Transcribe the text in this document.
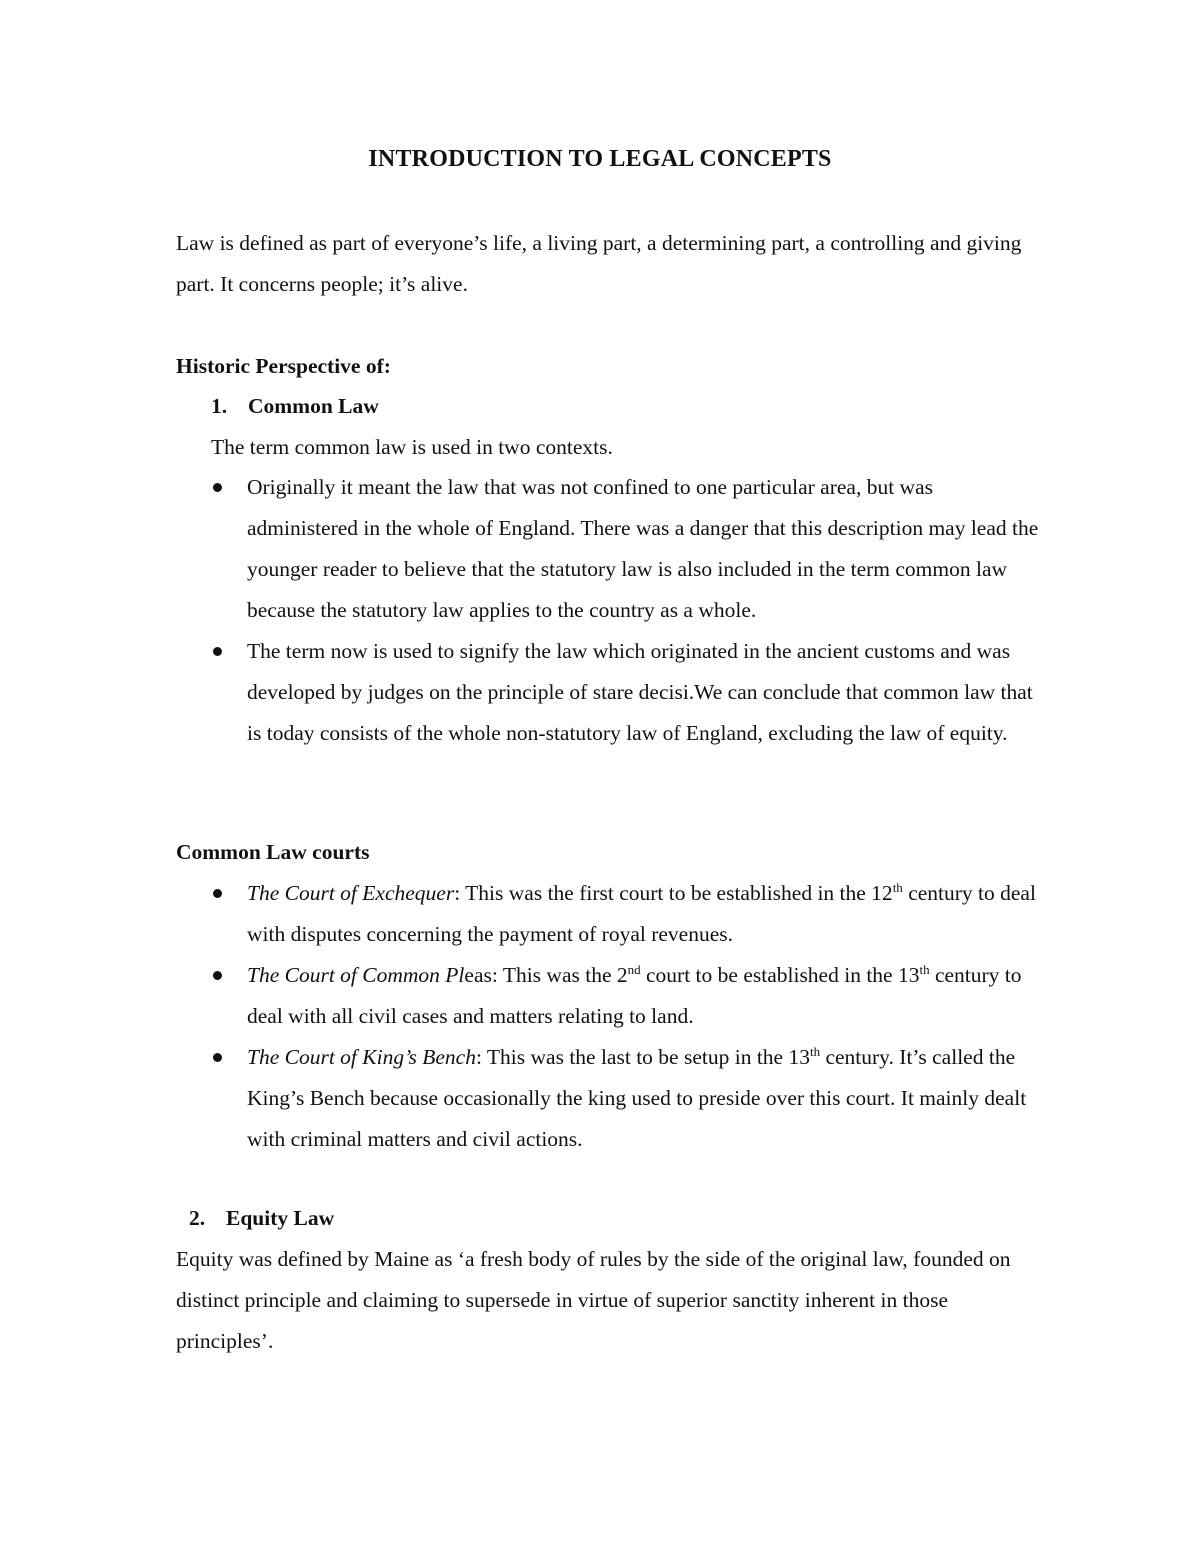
INTRODUCTION TO LEGAL CONCEPTS
Law is defined as part of everyone’s life, a living part, a determining part, a controlling and giving part. It concerns people; it’s alive.
Historic Perspective of:
1. Common Law
The term common law is used in two contexts.
Originally it meant the law that was not confined to one particular area, but was administered in the whole of England. There was a danger that this description may lead the younger reader to believe that the statutory law is also included in the term common law because the statutory law applies to the country as a whole.
The term now is used to signify the law which originated in the ancient customs and was developed by judges on the principle of stare decisi.We can conclude that common law that is today consists of the whole non-statutory law of England, excluding the law of equity.
Common Law courts
The Court of Exchequer: This was the first court to be established in the 12th century to deal with disputes concerning the payment of royal revenues.
The Court of Common Pleas: This was the 2nd court to be established in the 13th century to deal with all civil cases and matters relating to land.
The Court of King’s Bench: This was the last to be setup in the 13th century. It’s called the King’s Bench because occasionally the king used to preside over this court. It mainly dealt with criminal matters and civil actions.
2. Equity Law
Equity was defined by Maine as ‘a fresh body of rules by the side of the original law, founded on distinct principle and claiming to supersede in virtue of superior sanctity inherent in those principles’.
